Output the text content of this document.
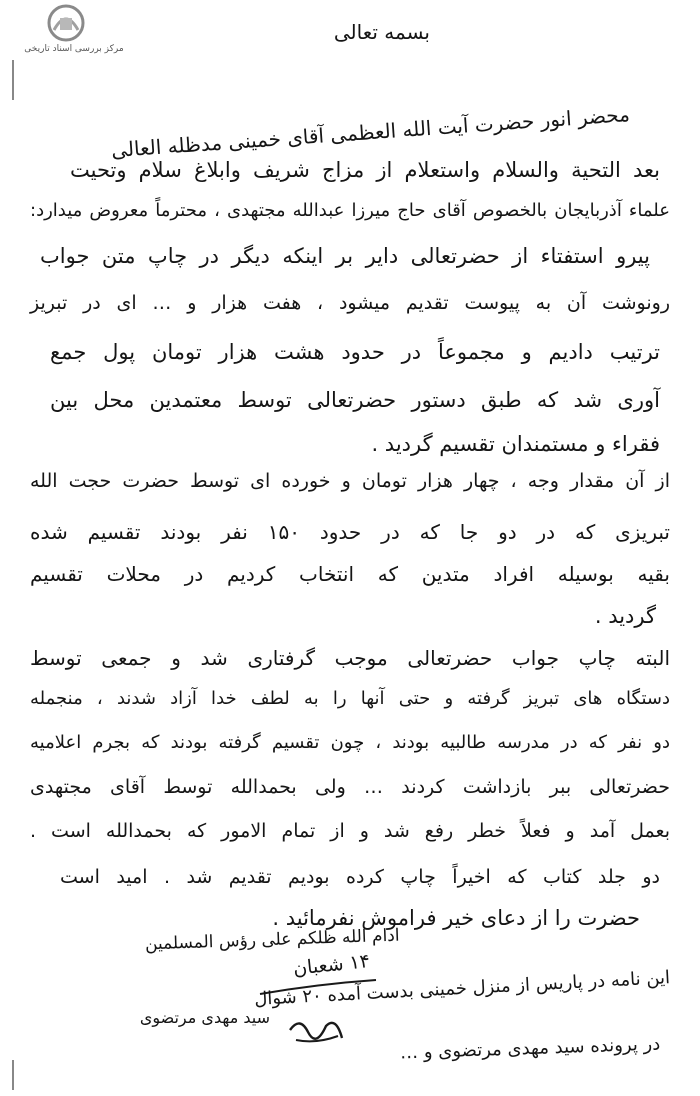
مرکز بررسی اسناد تاریخی
بسمه تعالی
محضر انور حضرت آیت الله العظمی آقای خمینی مدظله العالی
بعد التحیة والسلام واستعلام از مزاج شریف وابلاغ سلام وتحیت
علماء آذربایجان بالخصوص آقای حاج میرزا عبدالله مجتهدی ، محترماً معروض میدارد:
پیرو استفتاء از حضرتعالی دایر بر اینکه دیگر در چاپ متن جواب
رونوشت آن به پیوست تقدیم میشود ، هفت هزار و … ای در تبریز
ترتیب دادیم و مجموعاً در حدود هشت هزار تومان پول جمع
آوری شد که طبق دستور حضرتعالی توسط معتمدین محل بین
فقراء و مستمندان تقسیم گردید .
از آن مقدار وجه ، چهار هزار تومان و خورده ای توسط حضرت حجت الله
تبریزی که در دو جا که در حدود ۱۵۰ نفر بودند تقسیم شده
بقیه بوسیله افراد متدین که انتخاب کردیم در محلات تقسیم
گردید .
البته چاپ جواب حضرتعالی موجب گرفتاری شد و جمعی توسط
دستگاه های تبریز گرفته و حتی آنها را به لطف خدا آزاد شدند ، منجمله
دو نفر که در مدرسه طالبیه بودند ، چون تقسیم گرفته بودند که بجرم اعلامیه
حضرتعالی ببر بازداشت کردند … ولی بحمدالله توسط آقای مجتهدی
بعمل آمد و فعلاً خطر رفع شد و از تمام الامور که بحمدالله است .
دو جلد کتاب که اخیراً چاپ کرده بودیم تقدیم شد . امید است
حضرت را از دعای خیر فراموش نفرمائید .
ادام الله ظلکم علی رؤس المسلمین
۱۴ شعبان
این نامه در پاریس از منزل خمینی بدست آمده ۲۰ شوال
سید مهدی مرتضوی
در پرونده سید مهدی مرتضوی و …
